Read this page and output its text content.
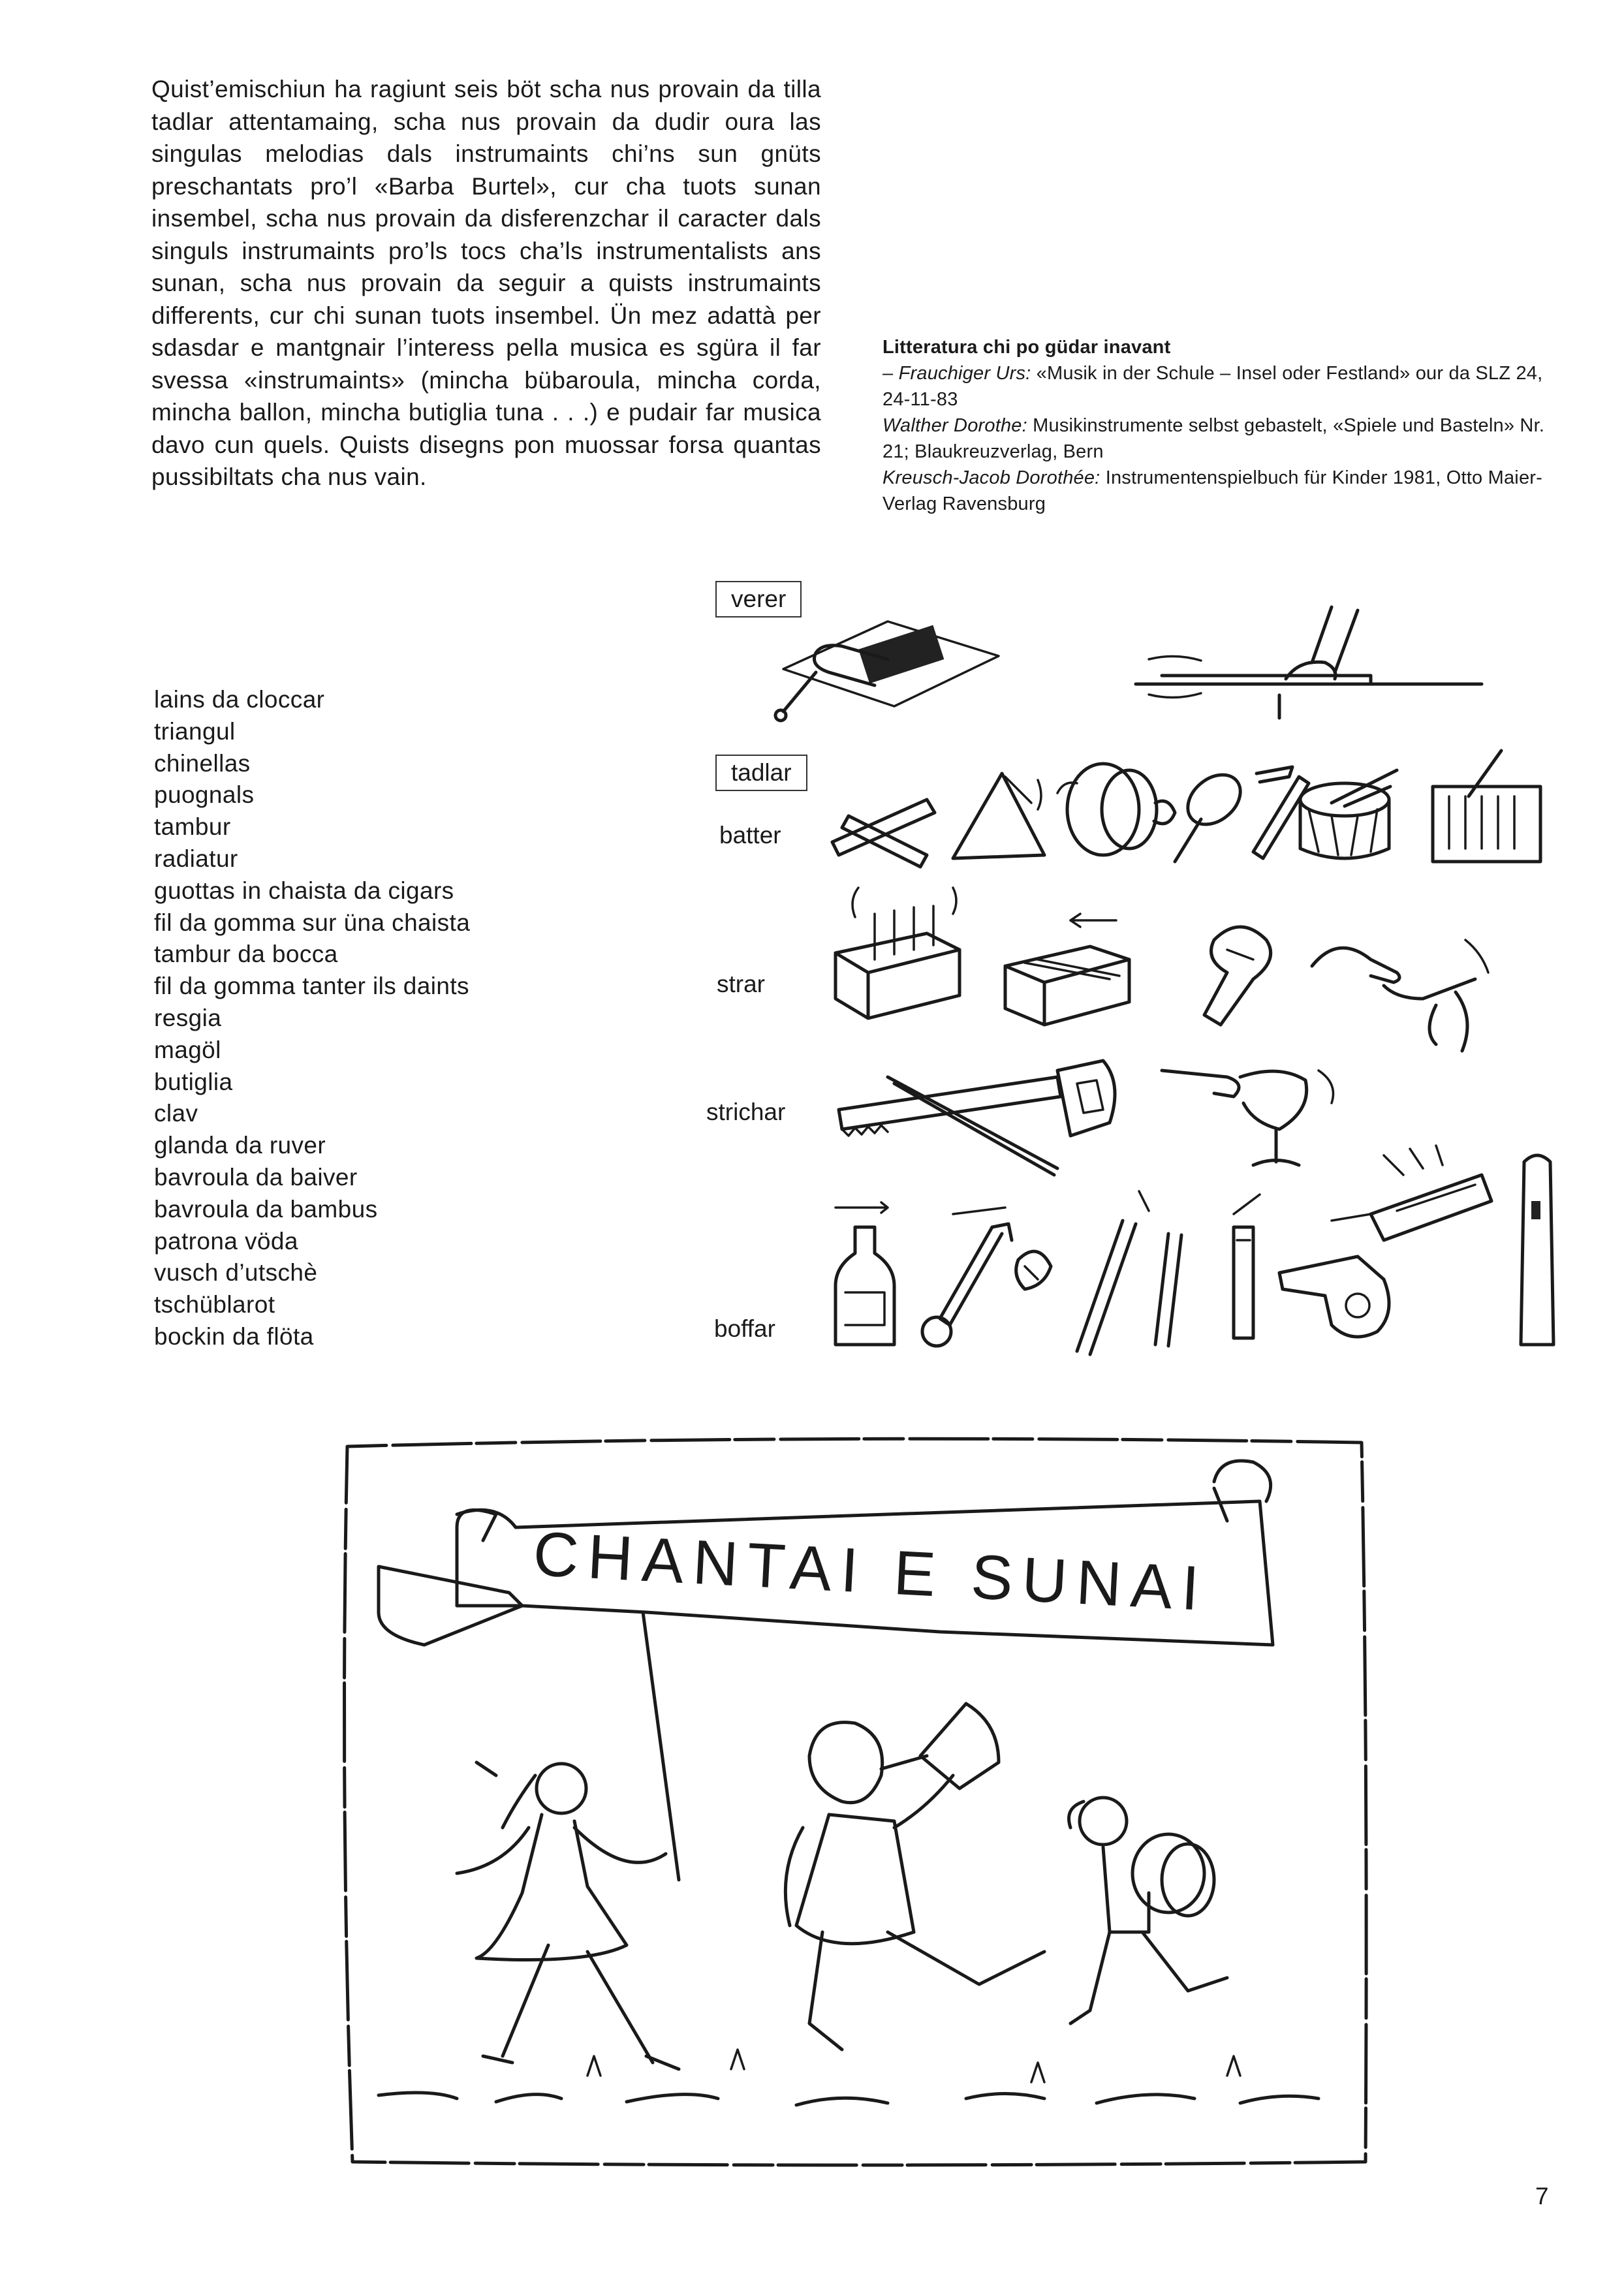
Quist’emischiun ha ragiunt seis böt scha nus provain da tilla tadlar attentamaing, scha nus provain da dudir oura las singulas melodias dals instrumaints chi’ns sun gnüts preschantats pro’l «Barba Burtel», cur cha tuots sunan insembel, scha nus provain da disferenzchar il caracter dals singuls instrumaints pro’ls tocs cha’ls instrumentalists ans sunan, scha nus provain da seguir a quists instrumaints differents, cur chi sunan tuots insembel. Ün mez adattà per sdasdar e mantgnair l’interess pella musica es sgüra il far svessa «instrumaints» (mincha bübaroula, mincha corda, mincha ballon, mincha butiglia tuna . . .) e pudair far musica davo cun quels. Quists disegns pon muossar forsa quantas pussibiltats cha nus vain.

Litteratura chi po güdar inavant

– Frauchiger Urs: «Musik in der Schule – Insel oder Festland» our da SLZ 24, 24-11-83

Walther Dorothe: Musikinstrumente selbst gebastelt, «Spiele und Basteln» Nr. 21; Blaukreuzverlag, Bern

Kreusch-Jacob Dorothée: Instrumentenspielbuch für Kinder 1981, Otto Maier-Verlag Ravensburg

lains da cloccar
triangul
chinellas
puognals
tambur
radiatur
guottas in chaista da cigars
fil da gomma sur üna chaista
tambur da bocca
fil da gomma tanter ils daints
resgia
magöl
butiglia
clav
glanda da ruver
bavroula da baiver
bavroula da bambus
patrona vöda
vusch d’utschè
tschüblarot
bockin da flöta
verer
tadlar
batter
strar
strichar
boffar
CHANTAI E SUNAI
7
